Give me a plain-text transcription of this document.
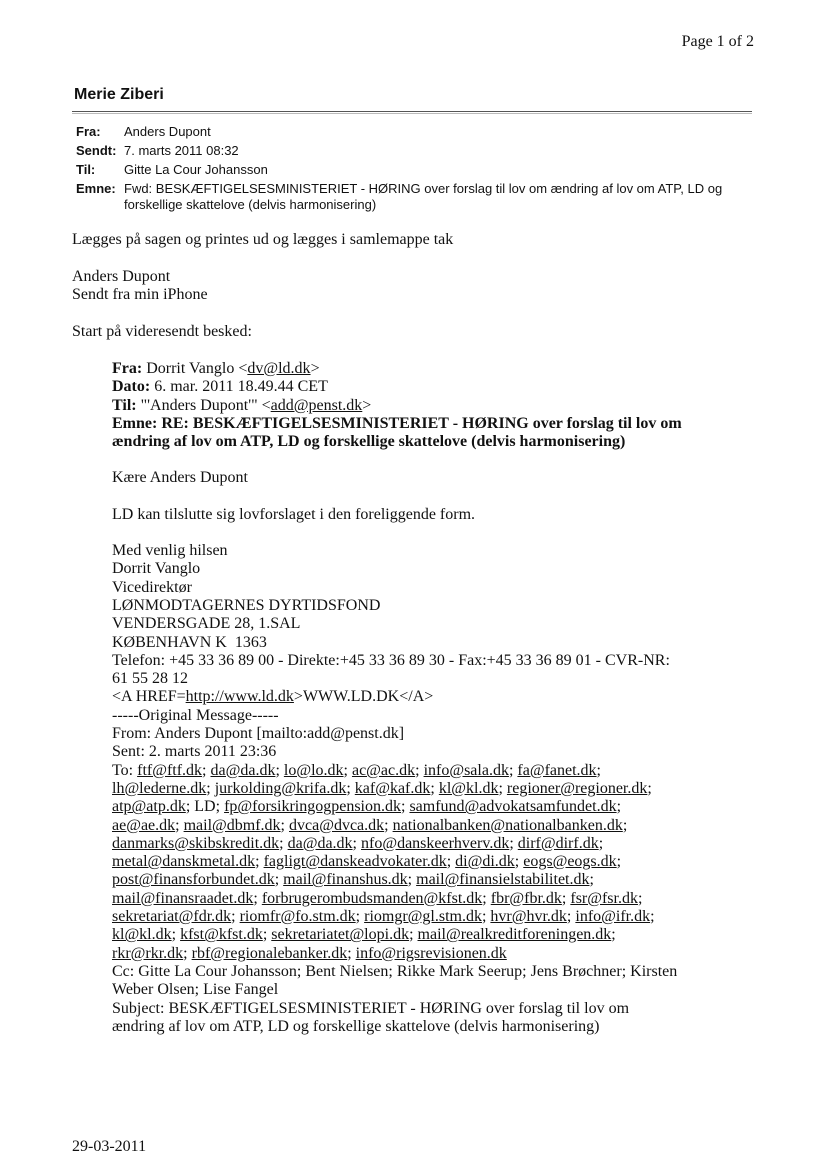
Page 1 of 2
Merie Ziberi
Fra:	Anders Dupont
Sendt: 7. marts 2011 08:32
Til:	Gitte La Cour Johansson
Emne: Fwd: BESKÆFTIGELSESMINISTERIET - HØRING over forslag til lov om ændring af lov om ATP, LD og forskellige skattelove (delvis harmonisering)

Lægges på sagen og printes ud og lægges i samlemappe tak

Anders Dupont

Sendt fra min iPhone

Start på videresendt besked:

Fra: Dorrit Vanglo <dv@ld.dk>
Dato: 6. mar. 2011 18.49.44 CET
Til: "'Anders Dupont'" <add@penst.dk>
Emne: RE: BESKÆFTIGELSESMINISTERIET - HØRING over forslag til lov om ændring af lov om ATP, LD og forskellige skattelove (delvis harmonisering)
Kære Anders Dupont
LD kan tilslutte sig lovforslaget i den foreliggende form.
Med venlig hilsen
Dorrit Vanglo
Vicedirektør
LØNMODTAGERNES DYRTIDSFOND
VENDERSGADE 28, 1.SAL
KØBENHAVN K  1363
Telefon: +45 33 36 89 00 - Direkte:+45 33 36 89 30 - Fax:+45 33 36 89 01 - CVR-NR: 61 55 28 12
<A HREF=http://www.ld.dk>WWW.LD.DK</A>
-----Original Message-----
From: Anders Dupont [mailto:add@penst.dk]
Sent: 2. marts 2011 23:36
To: ftf@ftf.dk; da@da.dk; lo@lo.dk; ac@ac.dk; info@sala.dk; fa@fanet.dk; lh@lederne.dk; jurkolding@krifa.dk; kaf@kaf.dk; kl@kl.dk; regioner@regioner.dk; atp@atp.dk; LD; fp@forsikringogpension.dk; samfund@advokatsamfundet.dk; ae@ae.dk; mail@dbmf.dk; dvca@dvca.dk; nationalbanken@nationalbanken.dk; danmarks@skibskredit.dk; da@da.dk; nfo@danskeerhverv.dk; dirf@dirf.dk; metal@danskmetal.dk; fagligt@danskeadvokater.dk; di@di.dk; eogs@eogs.dk; post@finansforbundet.dk; mail@finanshus.dk; mail@finansielstabilitet.dk; mail@finansraadet.dk; forbrugerombudsmanden@kfst.dk; fbr@fbr.dk; fsr@fsr.dk; sekretariat@fdr.dk; riomfr@fo.stm.dk; riomgr@gl.stm.dk; hvr@hvr.dk; info@ifr.dk; kl@kl.dk; kfst@kfst.dk; sekretariatet@lopi.dk; mail@realkreditforeningen.dk; rkr@rkr.dk; rbf@regionalebanker.dk; info@rigsrevisionen.dk
Cc: Gitte La Cour Johansson; Bent Nielsen; Rikke Mark Seerup; Jens Brøchner; Kirsten Weber Olsen; Lise Fangel
Subject: BESKÆFTIGELSESMINISTERIET - HØRING over forslag til lov om ændring af lov om ATP, LD og forskellige skattelove (delvis harmonisering)
29-03-2011
